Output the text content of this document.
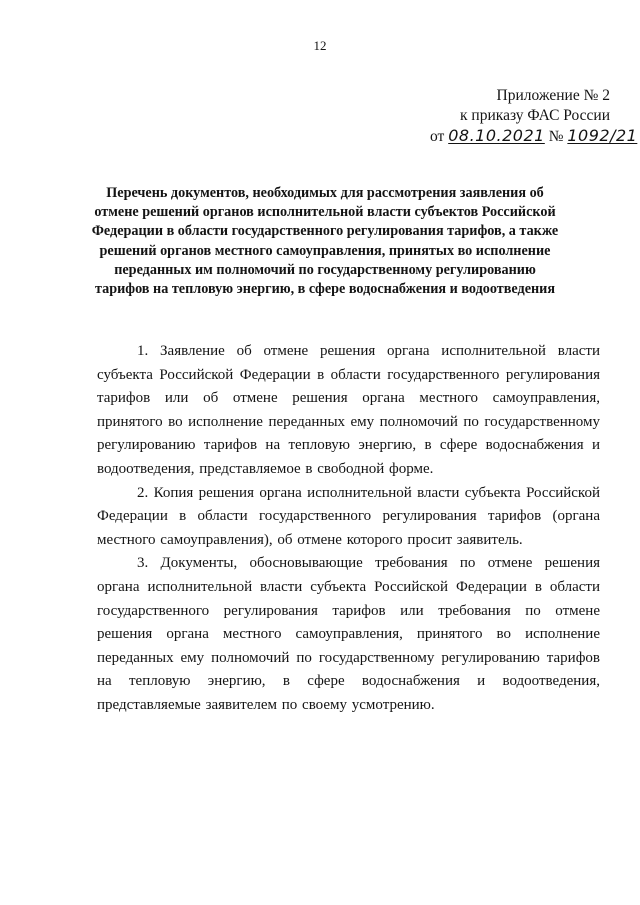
12
Приложение № 2
к приказу ФАС России
от 08.10.2021 № 1092/21
Перечень документов, необходимых для рассмотрения заявления об отмене решений органов исполнительной власти субъектов Российской Федерации в области государственного регулирования тарифов, а также решений органов местного самоуправления, принятых во исполнение переданных им полномочий по государственному регулированию тарифов на тепловую энергию, в сфере водоснабжения и водоотведения

1. Заявление об отмене решения органа исполнительной власти субъекта Российской Федерации в области государственного регулирования тарифов или об отмене решения органа местного самоуправления, принятого во исполнение переданных ему полномочий по государственному регулированию тарифов на тепловую энергию, в сфере водоснабжения и водоотведения, представляемое в свободной форме.

2. Копия решения органа исполнительной власти субъекта Российской Федерации в области государственного регулирования тарифов (органа местного самоуправления), об отмене которого просит заявитель.

3. Документы, обосновывающие требования по отмене решения органа исполнительной власти субъекта Российской Федерации в области государственного регулирования тарифов или требования по отмене решения органа местного самоуправления, принятого во исполнение переданных ему полномочий по государственному регулированию тарифов на тепловую энергию, в сфере водоснабжения и водоотведения, представляемые заявителем по своему усмотрению.
